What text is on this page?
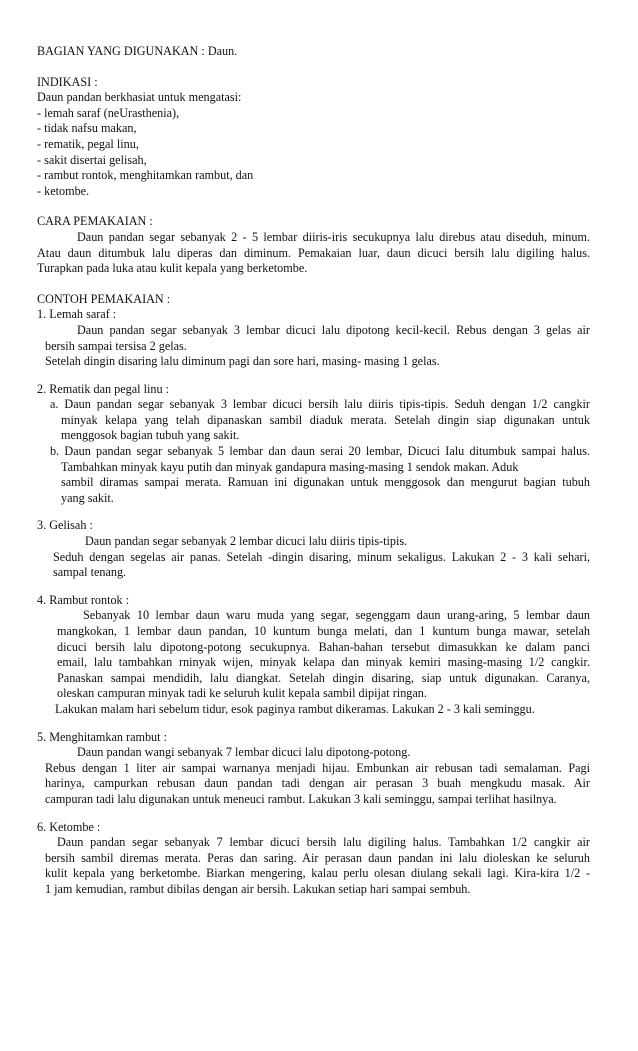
BAGIAN YANG DIGUNAKAN : Daun.
INDIKASI :
Daun pandan berkhasiat untuk mengatasi:
- lemah saraf (neUrasthenia),
- tidak nafsu makan,
- rematik, pegal linu,
- sakit disertai gelisah,
- rambut rontok, menghitamkan rambut, dan
- ketombe.
CARA PEMAKAIAN :
Daun pandan segar sebanyak 2 - 5 lembar diiris-iris secukupnya lalu direbus atau diseduh, minum.
Atau daun ditumbuk lalu diperas dan diminum. Pemakaian luar, daun dicuci bersih lalu digiling halus.
Turapkan pada luka atau kulit kepala yang berketombe.
CONTOH PEMAKAIAN :
1. Lemah saraf :
Daun pandan segar sebanyak 3 lembar dicuci lalu dipotong kecil-kecil. Rebus dengan 3 gelas air
bersih sampai tersisa 2 gelas.
Setelah dingin disaring lalu diminum pagi dan sore hari, masing- masing 1 gelas.
2. Rematik dan pegal linu :
a. Daun pandan segar sebanyak 3 lembar dicuci bersih lalu diiris tipis-tipis. Seduh dengan 1/2 cangkir
minyak kelapa yang telah dipanaskan sambil diaduk merata. Setelah dingin siap digunakan untuk
menggosok bagian tubuh yang sakit.
b. Daun pandan segar sebanyak 5 lembar dan daun serai 20 lembar, Dicuci Ialu ditumbuk sampai halus.
Tambahkan minyak kayu putih dan minyak gandapura masing-masing 1 sendok makan. Aduk
sambil diramas sampai merata. Ramuan ini digunakan untuk menggosok dan mengurut bagian tubuh
yang sakit.
3. Gelisah :
Daun pandan segar sebanyak 2 lembar dicuci lalu diiris tipis-tipis.
Seduh dengan segelas air panas. Setelah -dingin disaring, minum sekaligus. Lakukan 2 - 3 kali sehari,
sampal tenang.
4. Rambut rontok :
Sebanyak 10 lembar daun waru muda yang segar, segenggam daun urang-aring, 5 lembar daun
mangkokan, 1 lembar daun pandan, 10 kuntum bunga melati, dan 1 kuntum bunga mawar, setelah
dicuci bersih lalu dipotong-potong secukupnya. Bahan-bahan tersebut dimasukkan ke dalam panci
email, lalu tambahkan rninyak wijen, minyak kelapa dan minyak kemiri masing-masing 1/2 cangkir.
Panaskan sampai mendidih, lalu diangkat. Setelah dingin disaring, siap untuk digunakan. Caranya,
oleskan campuran minyak tadi ke seluruh kulit kepala sambil dipijat ringan.
Lakukan malam hari sebelum tidur, esok paginya rambut dikeramas. Lakukan 2 - 3 kali seminggu.
5. Menghitamkan rambut :
Daun pandan wangi sebanyak 7 lembar dicuci lalu dipotong-potong.
Rebus dengan 1 liter air sampai warnanya menjadi hijau. Embunkan air rebusan tadi semalaman. Pagi
harinya, campurkan rebusan daun pandan tadi dengan air perasan 3 buah mengkudu masak. Air
campuran tadi lalu digunakan untuk meneuci rambut. Lakukan 3 kali seminggu, sampai terlihat hasilnya.
6. Ketombe :
Daun pandan segar sebanyak 7 lembar dicuci bersih lalu digiling halus. Tambahkan 1/2 cangkir air
bersih sambil diremas merata. Peras dan saring. Air perasan daun pandan ini lalu dioleskan ke seluruh
kulit kepala yang berketombe. Biarkan mengering, kalau perlu olesan diulang sekali lagi. Kira-kira 1/2 -
1 jam kemudian, rambut dibilas dengan air bersih. Lakukan setiap hari sampai sembuh.
